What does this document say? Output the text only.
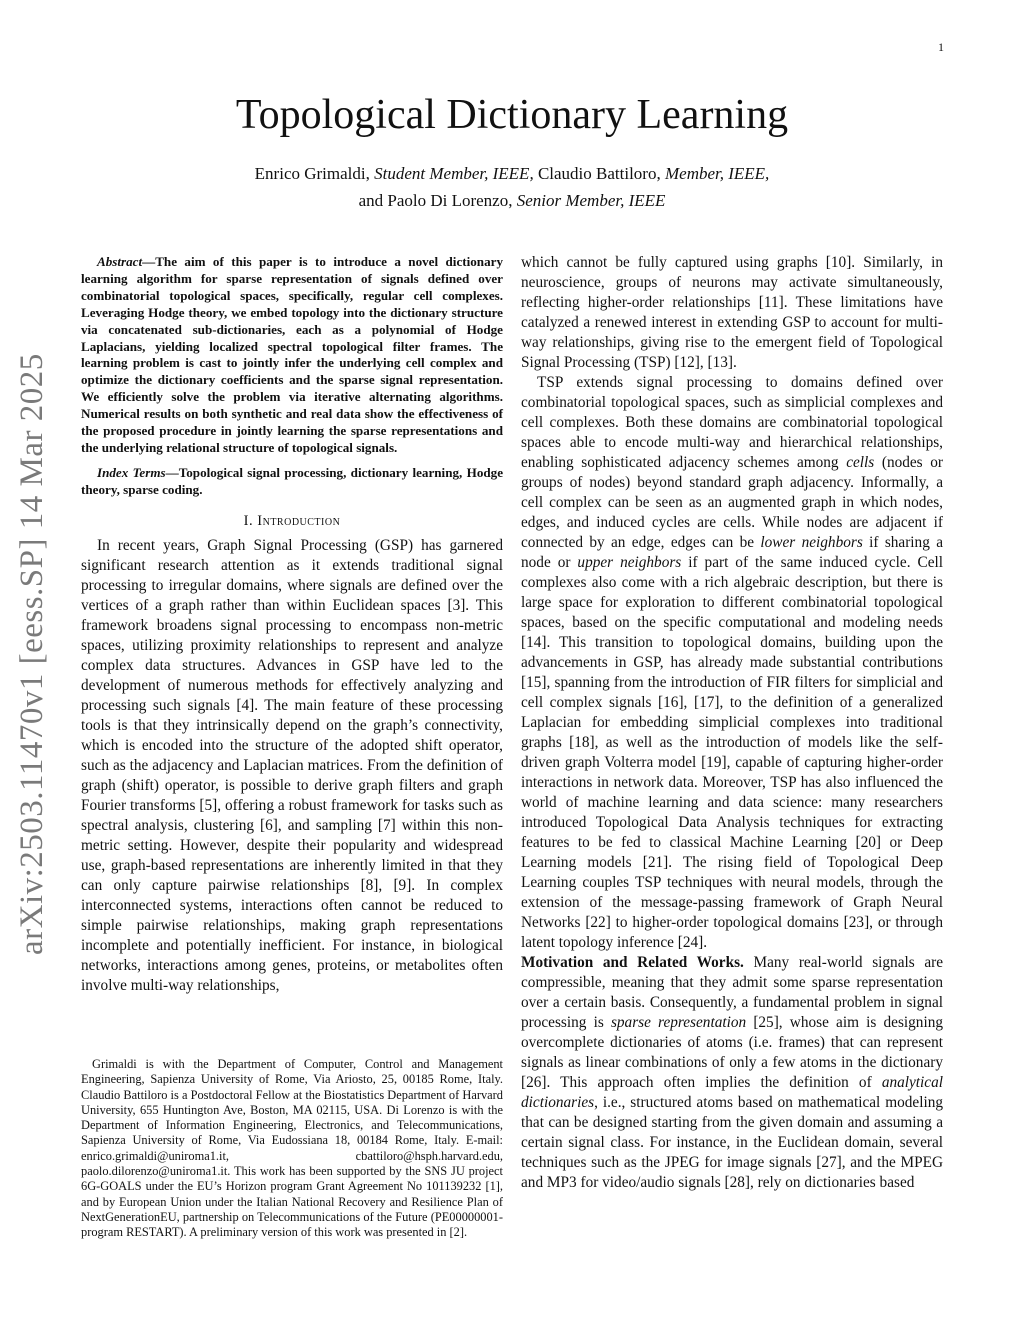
1
arXiv:2503.11470v1 [eess.SP] 14 Mar 2025
Topological Dictionary Learning
Enrico Grimaldi, Student Member, IEEE, Claudio Battiloro, Member, IEEE,
and Paolo Di Lorenzo, Senior Member, IEEE

Abstract—The aim of this paper is to introduce a novel dictionary learning algorithm for sparse representation of signals defined over combinatorial topological spaces, specifically, regular cell complexes. Leveraging Hodge theory, we embed topology into the dictionary structure via concatenated sub-dictionaries, each as a polynomial of Hodge Laplacians, yielding localized spectral topological filter frames. The learning problem is cast to jointly infer the underlying cell complex and optimize the dictionary coefficients and the sparse signal representation. We efficiently solve the problem via iterative alternating algorithms. Numerical results on both synthetic and real data show the effectiveness of the proposed procedure in jointly learning the sparse representations and the underlying relational structure of topological signals.

Index Terms—Topological signal processing, dictionary learning, Hodge theory, sparse coding.

I. Introduction

In recent years, Graph Signal Processing (GSP) has garnered significant research attention as it extends traditional signal processing to irregular domains, where signals are defined over the vertices of a graph rather than within Euclidean spaces [3]. This framework broadens signal processing to encompass non-metric spaces, utilizing proximity relationships to represent and analyze complex data structures. Advances in GSP have led to the development of numerous methods for effectively analyzing and processing such signals [4]. The main feature of these processing tools is that they intrinsically depend on the graph’s connectivity, which is encoded into the structure of the adopted shift operator, such as the adjacency and Laplacian matrices. From the definition of graph (shift) operator, is possible to derive graph filters and graph Fourier transforms [5], offering a robust framework for tasks such as spectral analysis, clustering [6], and sampling [7] within this non-metric setting. However, despite their popularity and widespread use, graph-based representations are inherently limited in that they can only capture pairwise relationships [8], [9]. In complex interconnected systems, interactions often cannot be reduced to simple pairwise relationships, making graph representations incomplete and potentially inefficient. For instance, in biological networks, interactions among genes, proteins, or metabolites often involve multi-way relationships,

Grimaldi is with the Department of Computer, Control and Management Engineering, Sapienza University of Rome, Via Ariosto, 25, 00185 Rome, Italy. Claudio Battiloro is a Postdoctoral Fellow at the Biostatistics Department of Harvard University, 655 Huntington Ave, Boston, MA 02115, USA. Di Lorenzo is with the Department of Information Engineering, Electronics, and Telecommunications, Sapienza University of Rome, Via Eudossiana 18, 00184 Rome, Italy. E-mail: enrico.grimaldi@uniroma1.it, cbattiloro@hsph.harvard.edu, paolo.dilorenzo@uniroma1.it. This work has been supported by the SNS JU project 6G-GOALS under the EU’s Horizon program Grant Agreement No 101139232 [1], and by European Union under the Italian National Recovery and Resilience Plan of NextGenerationEU, partnership on Telecommunications of the Future (PE00000001- program RESTART). A preliminary version of this work was presented in [2].

which cannot be fully captured using graphs [10]. Similarly, in neuroscience, groups of neurons may activate simultaneously, reflecting higher-order relationships [11]. These limitations have catalyzed a renewed interest in extending GSP to account for multi-way relationships, giving rise to the emergent field of Topological Signal Processing (TSP) [12], [13].

TSP extends signal processing to domains defined over combinatorial topological spaces, such as simplicial complexes and cell complexes. Both these domains are combinatorial topological spaces able to encode multi-way and hierarchical relationships, enabling sophisticated adjacency schemes among cells (nodes or groups of nodes) beyond standard graph adjacency. Informally, a cell complex can be seen as an augmented graph in which nodes, edges, and induced cycles are cells. While nodes are adjacent if connected by an edge, edges can be lower neighbors if sharing a node or upper neighbors if part of the same induced cycle. Cell complexes also come with a rich algebraic description, but there is large space for exploration to different combinatorial topological spaces, based on the specific computational and modeling needs [14]. This transition to topological domains, building upon the advancements in GSP, has already made substantial contributions [15], spanning from the introduction of FIR filters for simplicial and cell complex signals [16], [17], to the definition of a generalized Laplacian for embedding simplicial complexes into traditional graphs [18], as well as the introduction of models like the self-driven graph Volterra model [19], capable of capturing higher-order interactions in network data. Moreover, TSP has also influenced the world of machine learning and data science: many researchers introduced Topological Data Analysis techniques for extracting features to be fed to classical Machine Learning [20] or Deep Learning models [21]. The rising field of Topological Deep Learning couples TSP techniques with neural models, through the extension of the message-passing framework of Graph Neural Networks [22] to higher-order topological domains [23], or through latent topology inference [24].

Motivation and Related Works. Many real-world signals are compressible, meaning that they admit some sparse representation over a certain basis. Consequently, a fundamental problem in signal processing is sparse representation [25], whose aim is designing overcomplete dictionaries of atoms (i.e. frames) that can represent signals as linear combinations of only a few atoms in the dictionary [26]. This approach often implies the definition of analytical dictionaries, i.e., structured atoms based on mathematical modeling that can be designed starting from the given domain and assuming a certain signal class. For instance, in the Euclidean domain, several techniques such as the JPEG for image signals [27], and the MPEG and MP3 for video/audio signals [28], rely on dictionaries based
